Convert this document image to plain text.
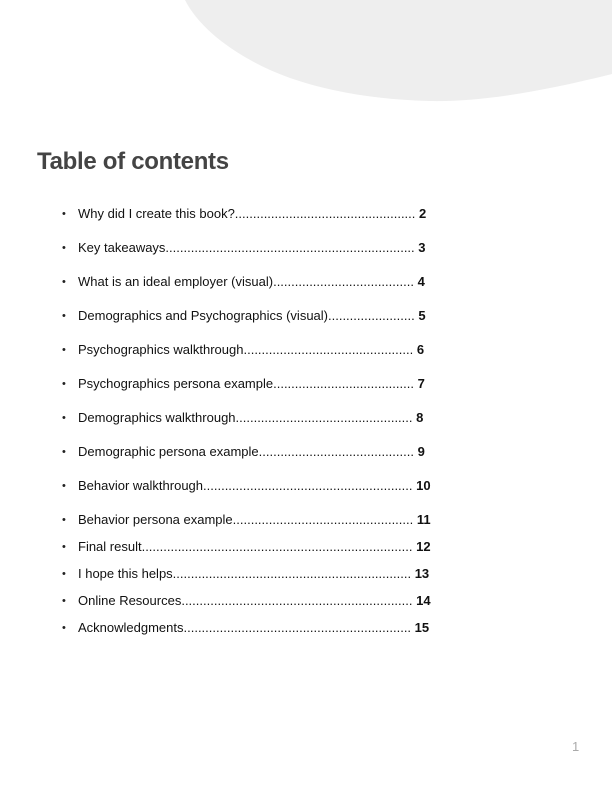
Table of contents
• Why did I create this book?.................................................. 2
• Key takeaways..................................................................... 3
• What is an ideal employer (visual)....................................... 4
• Demographics and Psychographics (visual)........................ 5
• Psychographics walkthrough............................................... 6
• Psychographics persona example....................................... 7
• Demographics walkthrough................................................. 8
• Demographic persona example........................................... 9
• Behavior walkthrough.......................................................... 10
• Behavior persona example.................................................. 11
• Final result........................................................................... 12
• I hope this helps.................................................................. 13
• Online Resources................................................................ 14
• Acknowledgments............................................................... 15
1
